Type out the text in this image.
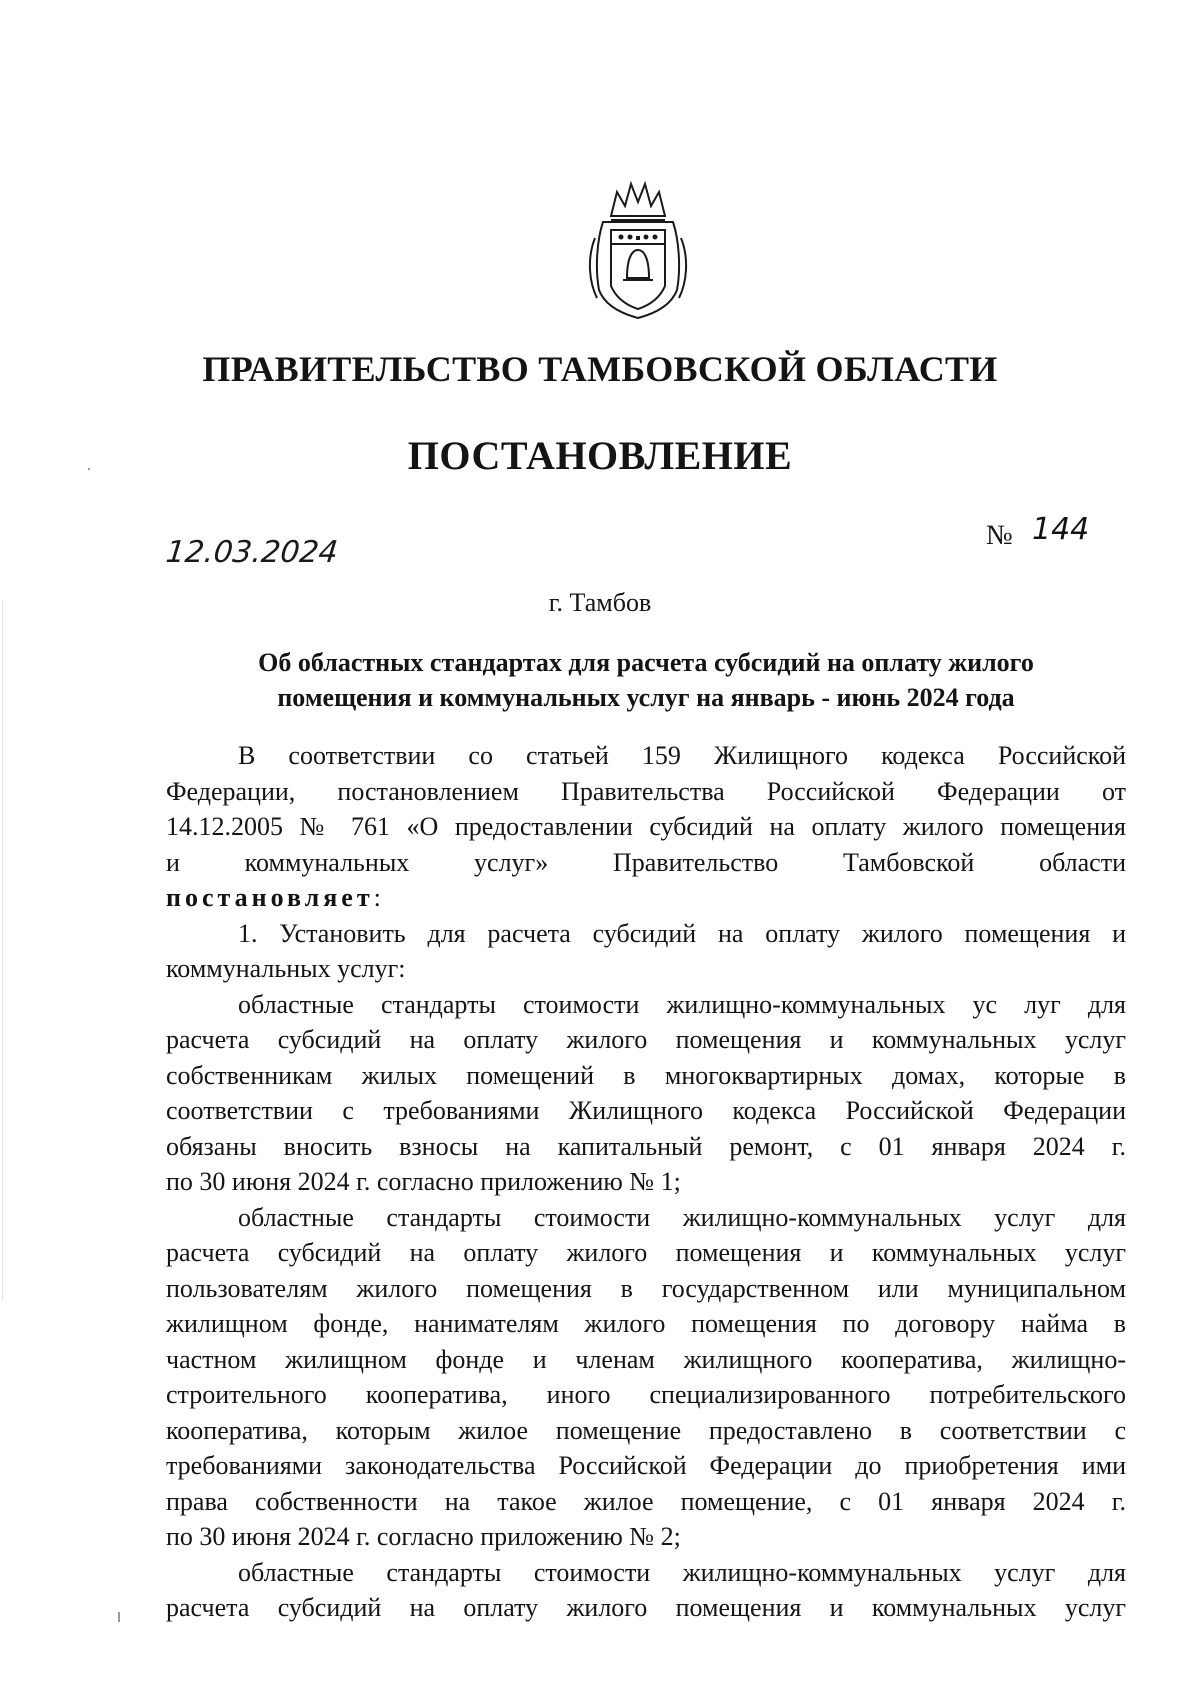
ПРАВИТЕЛЬСТВО ТАМБОВСКОЙ ОБЛАСТИ
ПОСТАНОВЛЕНИЕ
12.03.2024	№ 144
г. Тамбов
Об областных стандартах для расчета субсидий на оплату жилого
помещения и коммунальных услуг на январь - июнь 2024 года
В соответствии со статьей 159 Жилищного кодекса Российской
Федерации, постановлением Правительства Российской Федерации от
14.12.2005 № 761 «О предоставлении субсидий на оплату жилого помещения
и коммунальных услуг» Правительство Тамбовской области
постановляет:
1. Установить для расчета субсидий на оплату жилого помещения и
коммунальных услуг:
областные стандарты стоимости жилищно-коммунальных ус луг для
расчета субсидий на оплату жилого помещения и коммунальных услуг
собственникам жилых помещений в многоквартирных домах, которые в
соответствии с требованиями Жилищного кодекса Российской Федерации
обязаны вносить взносы на капитальный ремонт, с 01 января 2024 г.
по 30 июня 2024 г. согласно приложению № 1;
областные стандарты стоимости жилищно-коммунальных услуг для
расчета субсидий на оплату жилого помещения и коммунальных услуг
пользователям жилого помещения в государственном или муниципальном
жилищном фонде, нанимателям жилого помещения по договору найма в
частном жилищном фонде и членам жилищного кооператива, жилищно-
строительного кооператива, иного специализированного потребительского
кооператива, которым жилое помещение предоставлено в соответствии с
требованиями законодательства Российской Федерации до приобретения ими
права собственности на такое жилое помещение, с 01 января 2024 г.
по 30 июня 2024 г. согласно приложению № 2;
областные стандарты стоимости жилищно-коммунальных услуг для
расчета субсидий на оплату жилого помещения и коммунальных услуг
